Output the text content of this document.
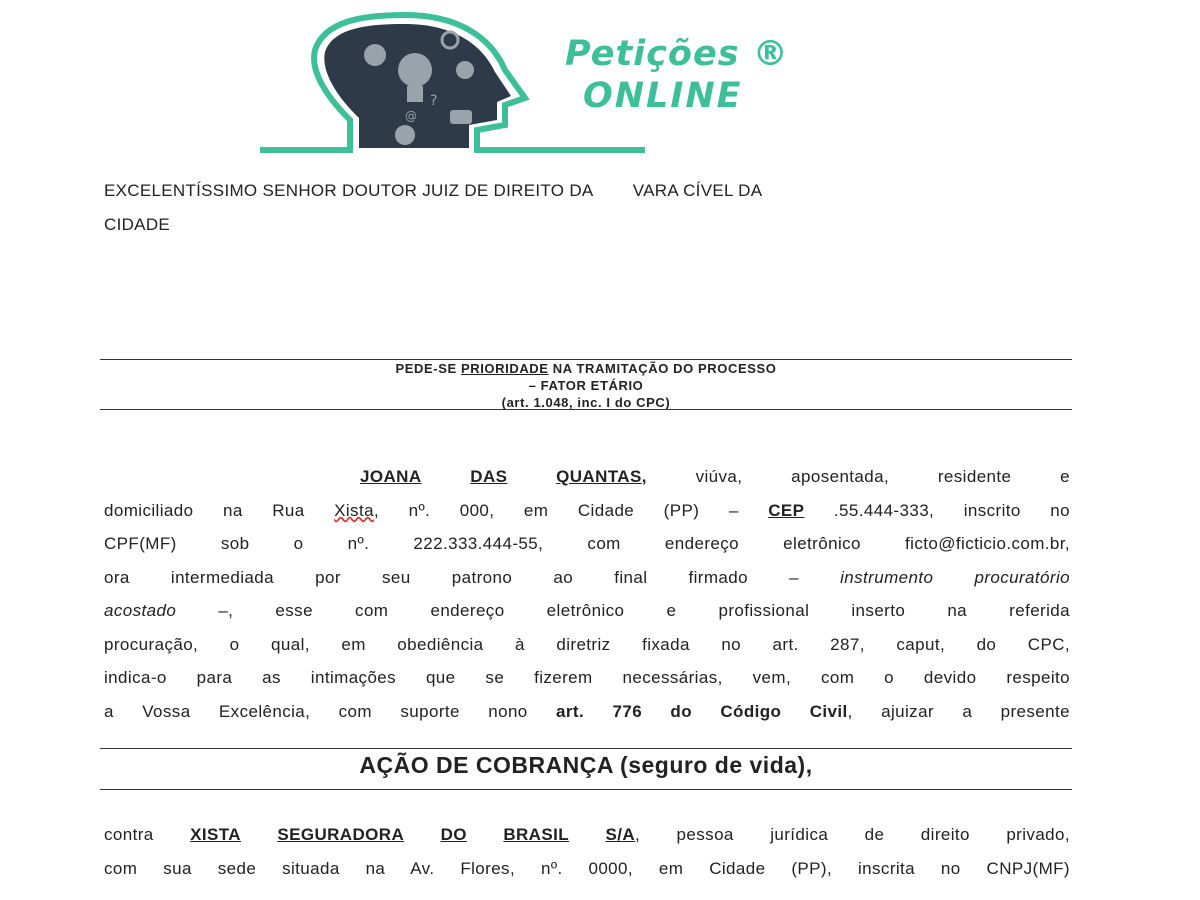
?
@
Petições ®
ONLINE
EXCELENTÍSSIMO SENHOR DOUTOR JUIZ DE DIREITO DA        VARA CÍVEL DA
CIDADE
PEDE-SE PRIORIDADE NA TRAMITAÇÃO DO PROCESSO
– FATOR ETÁRIO
(art. 1.048, inc. I do CPC)
JOANA	DAS	QUANTAS, viúva, aposentada, residente e
domiciliado na Rua Xista, nº. 000, em Cidade (PP) – CEP .55.444-333, inscrito no
CPF(MF) sob o nº. 222.333.444-55, com endereço eletrônico ficto@ficticio.com.br,
ora intermediada por seu patrono ao final firmado – instrumento procuratório
acostado –, esse com endereço eletrônico e profissional inserto na referida
procuração, o qual, em obediência à diretriz fixada no art. 287, caput, do CPC,
indica-o para as intimações que se fizerem necessárias, vem, com o devido respeito
a Vossa Excelência, com suporte nono art. 776 do Código Civil, ajuizar a presente
AÇÃO DE COBRANÇA (seguro de vida),
contra XISTA SEGURADORA DO BRASIL S/A, pessoa jurídica de direito privado,
com sua sede situada na Av. Flores, nº. 0000, em Cidade (PP), inscrita no CNPJ(MF)
